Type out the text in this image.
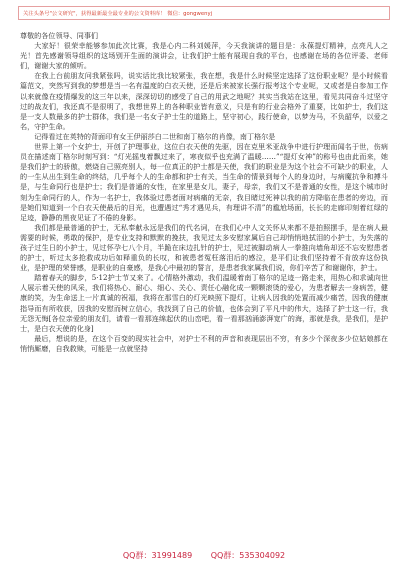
关注头条号"公文研究"，获得最新最全最专业的公文资料库！ 微信：gongwenyj

尊敬的各位领导、同事们

大家好！很荣幸能够参加此次比赛，我是心内二科刘媛萍，今天我演讲的题目是：永葆提灯精神，点亮凡人之光！首先感谢领导组织的这场别开生面的演讲会，让我们护士能有展现自我的平台，也感谢在场的各位评委、老师们，谢谢大家的倾听。

在我上台前朋友问我紧张吗，说实话比我比较紧张，我在想，我是什么时候坚定选择了这份职业呢？是小时候看篇范文，突然写到我的梦想是当一名有温度的白衣天使，还是后来被家长强行报考这个专业呢，又或者是自参加工作以来就像在疫情爆发的这三年以来，深深切切的感受了自己的用武之地呢？其实当我站在这里，看见共同奋斗过坚守过的战友们，我还真不是很明了，我想世界上的各种职业皆有意义，只是有的行业会格外了重要，比如护士，我们这是一支人数最多的护士群体，我们是一名女子护士生的道路上，坚守初心，践行使命，以梦为马，不负韶华，以爱之名，守护生命。

记得看过在英特的背面印有女王伊丽莎白二世和南丁格尔的肖像，南丁格尔是

世界上第一个女护士，开创了护理事业，这位白衣天使的先驱，因在克里米亚战争中进行护理而闻名于世，伤病员在描述南丁格尔时刻写到：“灯光摇曳着飘过来了，寒夜似乎也充满了温暖……”“提灯女神”的称号也由此而来，她是我们护士的骄傲，燃烧自己照亮别人，每一位真正的护士都是天使，我们的职业是为这个社会不可缺少的职业，人的一生从出生到生命的终结，几乎每个人的生命都和护士有关，当生命的情景到每个人的身边时，与病魔抗争和搏斗是，与生命同行也是护士；我们是普通的女性，在家里是女儿，妻子，母亲，我们又不是普通的女性，是这个城市时刻为生命同行的人，作为一名护士，我体验过患者面对病痛的无奈，我目睹过死神以我的前方降临在患者的旁边，而是她们知道到一个白衣天使最后的目光，也遭遇过“秀才遇见兵，有理讲不清”的尴尬场面，长长的走廊印刻着红绿的足迹，静静的黑夜见证了不倦的身影。

我们都是最普通的护士，无私奉献永远是我们的代名词，在我们心中人文关怀从来都不是拍照摆手，是在病人最需要的时候，勇敢的保护，是专业支持和默默的挽扶，我见过太多安慰家属后自己却悄悄地拭泪的小护士，为失落的孩子过生日的小护士，见过怀孕七八个月，半跪在床边扎针的护士，见过被脚动病人一拳推向墙角却还不忘安慰患者的护士，听过太多抢救成功后如释重负的长叹，和被患者冤枉落泪后的感泣，是平们让我们坚持着不肯放弃这份执业，是护理的荣誉感，是职业的自豪感，是我心中最初的誓言，是患者我家属我们说，你们辛苦了和谢谢你，护士。

踏着春天的脚步，5·12护士节又来了。心情格外激动，我们温暖着南丁格尔的足迹一路走来，用热心和求诚向世人展示着天使的风采，我们将热心、耐心、细心、关心、责任心融化成一颗颗滚烫的爱心，为患者解去一身病苦，健康的笑，为生命送上一片真诚的祝福，我将在那雪白的灯光映照下提灯，让病人因我的处置而减少痛苦，因我的健康指导而有所收获，因我的安慰而树立信心，我找到了自己的价值，也体会到了平凡中的伟大，选择了护士这一行，我无怨无悔[各位亲爱的朋友们，请看一看那连绵起伏的山峦吧，看一看那汹涌澎湃宽广的海，那就是我，是我们，是护士，是白衣天使的化身]

最后，想说的是，在这个百变的现实社会中，对护士不利的声音和表现层出不穷，有多少个深夜多少位姑娘都在悄悄厮磨，自我救赎，可能是一点就坚持

QQ群：31991489 QQ群：535304092
